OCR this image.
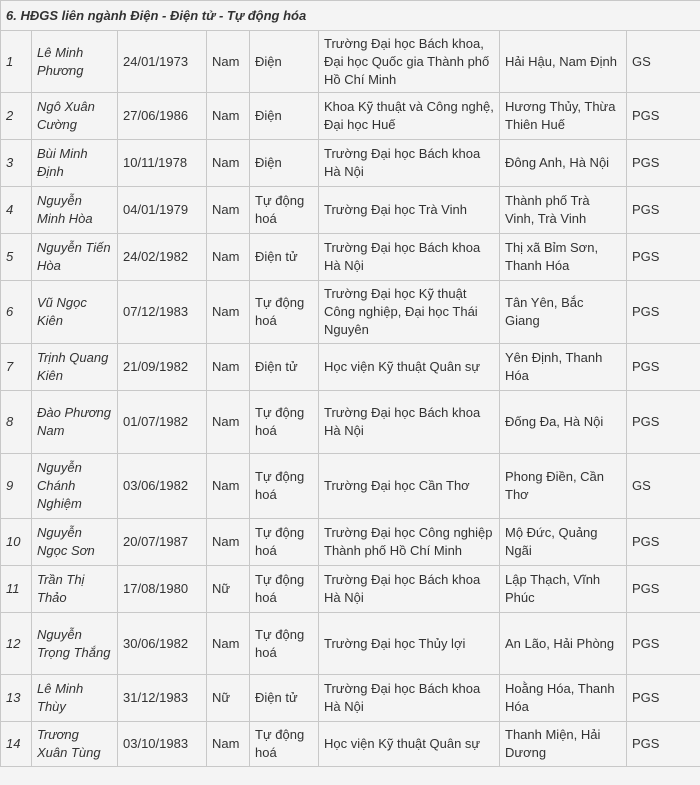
6. HĐGS liên ngành Điện - Điện tử - Tự động hóa							
1	Lê Minh Phương	24/01/1973	Nam	Điện	Trường Đại học Bách khoa, Đại học Quốc gia Thành phố Hồ Chí Minh	Hải Hậu, Nam Định	GS
2	Ngô Xuân Cường	27/06/1986	Nam	Điện	Khoa Kỹ thuật và Công nghệ, Đại học Huế	Hương Thủy, Thừa Thiên Huế	PGS
3	Bùi Minh Định	10/11/1978	Nam	Điện	Trường Đại học Bách khoa Hà Nội	Đông Anh, Hà Nội	PGS
4	Nguyễn Minh Hòa	04/01/1979	Nam	Tự động hoá	Trường Đại học Trà Vinh	Thành phố Trà Vinh, Trà Vinh	PGS
5	Nguyễn Tiến Hòa	24/02/1982	Nam	Điện tử	Trường Đại học Bách khoa Hà Nội	Thị xã Bỉm Sơn, Thanh Hóa	PGS
6	Vũ Ngọc Kiên	07/12/1983	Nam	Tự động hoá	Trường Đại học Kỹ thuật Công nghiệp, Đại học Thái Nguyên	Tân Yên, Bắc Giang	PGS
7	Trịnh Quang Kiên	21/09/1982	Nam	Điện tử	Học viện Kỹ thuật Quân sự	Yên Định, Thanh Hóa	PGS
8	Đào Phương Nam	01/07/1982	Nam	Tự động hoá	Trường Đại học Bách khoa Hà Nội	Đống Đa, Hà Nội	PGS
9	Nguyễn Chánh Nghiệm	03/06/1982	Nam	Tự động hoá	Trường Đại học Cần Thơ	Phong Điền, Cần Thơ	GS
10	Nguyễn Ngọc Sơn	20/07/1987	Nam	Tự động hoá	Trường Đại học Công nghiệp Thành phố Hồ Chí Minh	Mộ Đức, Quảng Ngãi	PGS
11	Trần Thị Thảo	17/08/1980	Nữ	Tự động hoá	Trường Đại học Bách khoa Hà Nội	Lập Thạch, Vĩnh Phúc	PGS
12	Nguyễn Trọng Thắng	30/06/1982	Nam	Tự động hoá	Trường Đại học Thủy lợi	An Lão, Hải Phòng	PGS
13	Lê Minh Thùy	31/12/1983	Nữ	Điện tử	Trường Đại học Bách khoa Hà Nội	Hoằng Hóa, Thanh Hóa	PGS
14	Trương Xuân Tùng	03/10/1983	Nam	Tự động hoá	Học viện Kỹ thuật Quân sự	Thanh Miện, Hải Dương	PGS
